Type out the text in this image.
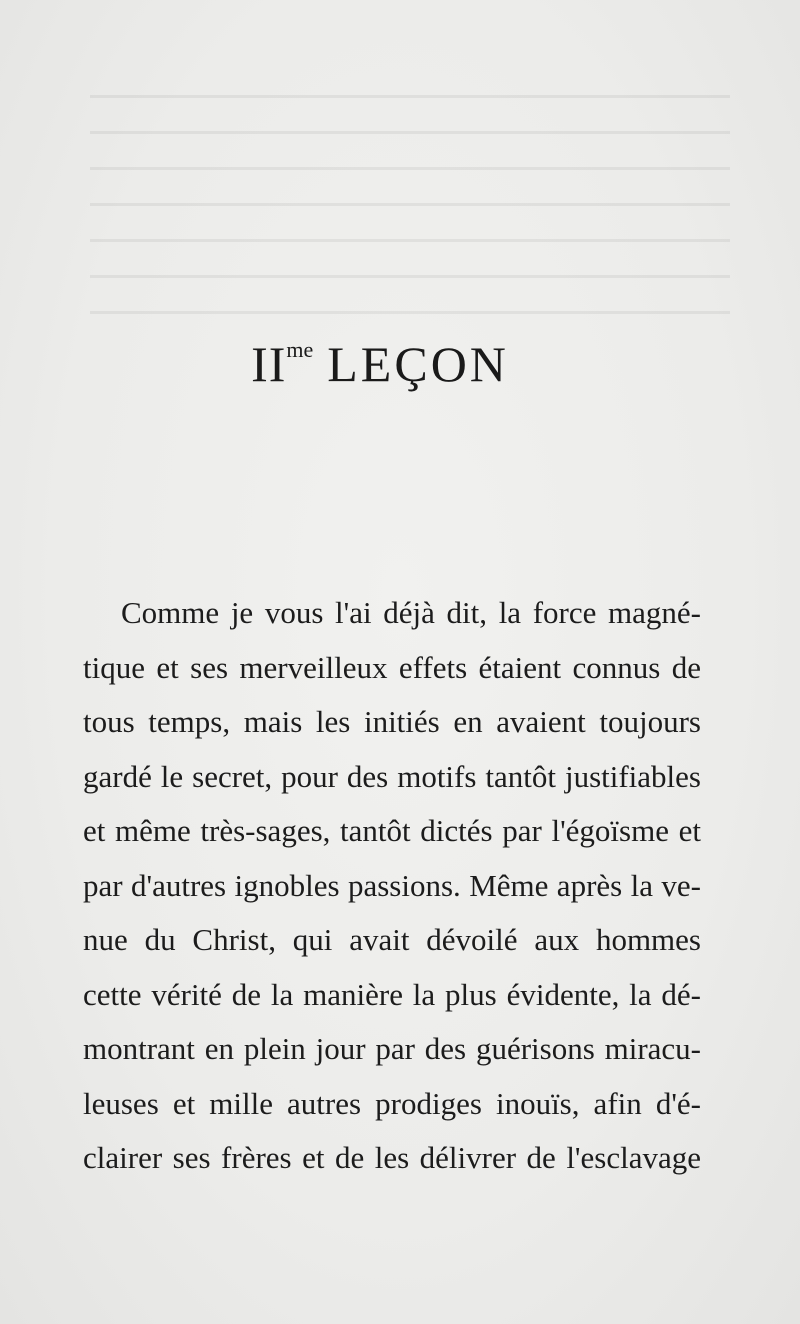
$II^{me}$ LEÇON
Comme je vous l'ai déjà dit, la force magné-
tique et ses merveilleux effets étaient connus de
tous temps, mais les initiés en avaient toujours
gardé le secret, pour des motifs tantôt justifiables
et même très-sages, tantôt dictés par l'égoïsme et
par d'autres ignobles passions. Même après la ve-
nue du Christ, qui avait dévoilé aux hommes
cette vérité de la manière la plus évidente, la dé-
montrant en plein jour par des guérisons miracu-
leuses et mille autres prodiges inouïs, afin d'é-
clairer ses frères et de les délivrer de l'esclavage
